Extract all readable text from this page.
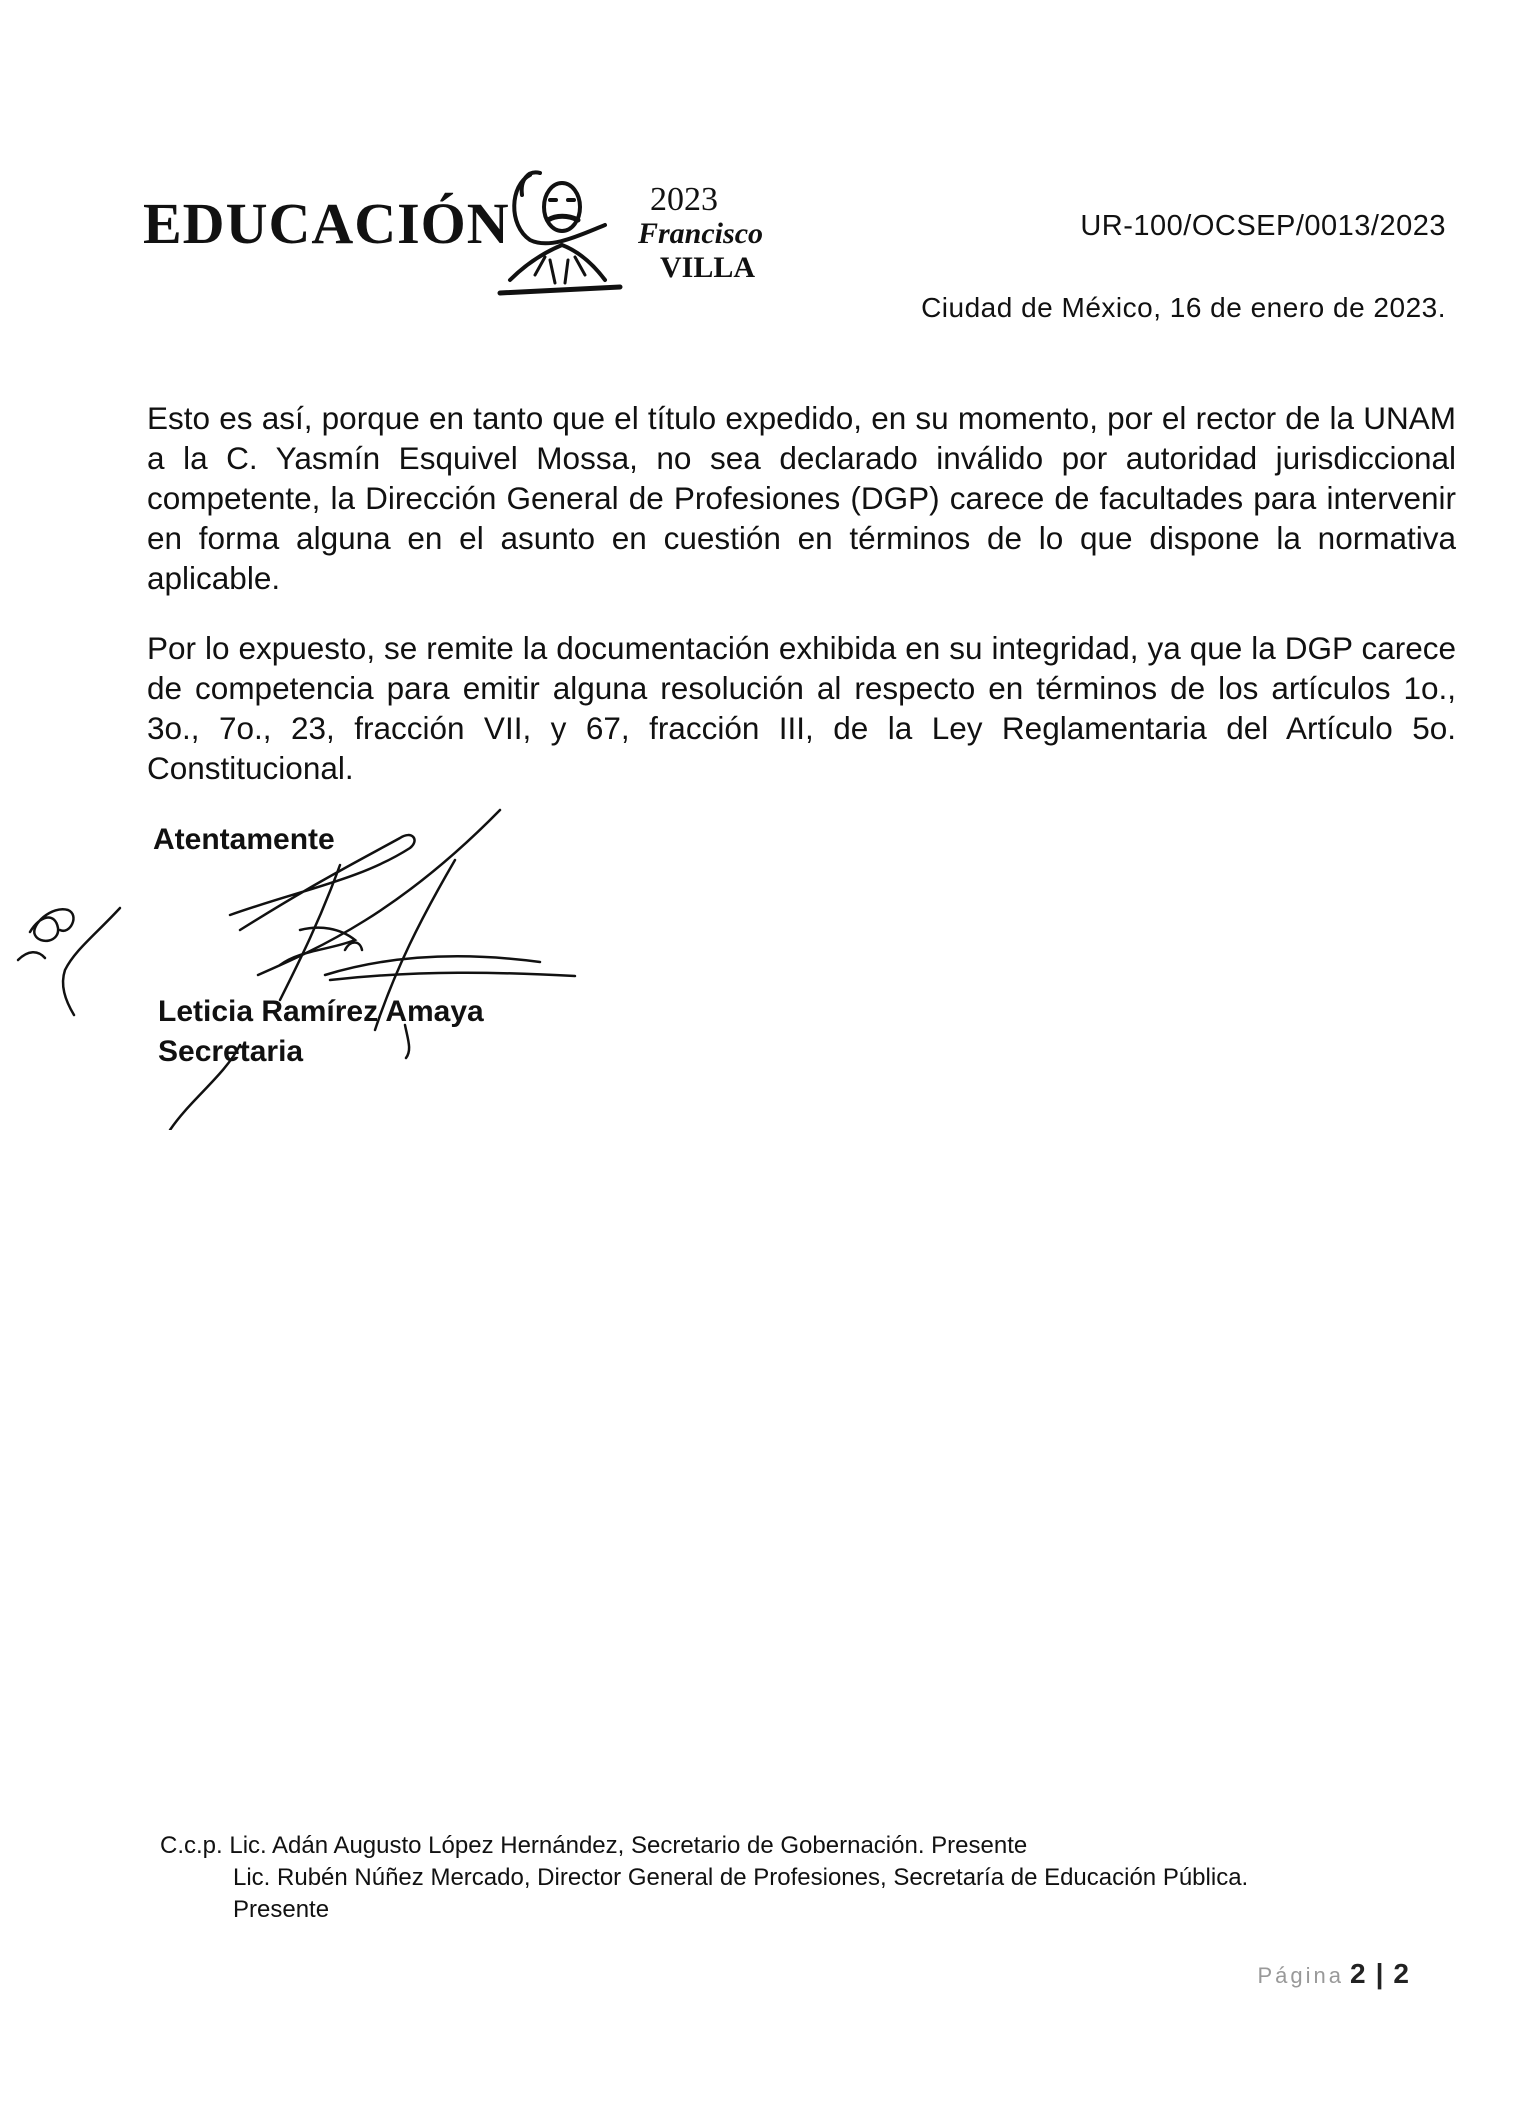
EDUCACIÓN	2023
Francisco
VILLA
UR-100/OCSEP/0013/2023
Ciudad de México, 16 de enero de 2023.
Esto es así, porque en tanto que el título expedido, en su momento, por el rector de la UNAM a la C. Yasmín Esquivel Mossa, no sea declarado inválido por autoridad jurisdiccional competente, la Dirección General de Profesiones (DGP) carece de facultades para intervenir en forma alguna en el asunto en cuestión en términos de lo que dispone la normativa aplicable.
Por lo expuesto, se remite la documentación exhibida en su integridad, ya que la DGP carece de competencia para emitir alguna resolución al respecto en términos de los artículos 1o., 3o., 7o., 23, fracción VII, y 67, fracción III, de la Ley Reglamentaria del Artículo 5o. Constitucional.
Atentamente
Leticia Ramírez Amaya
Secretaria
C.c.p. Lic. Adán Augusto López Hernández, Secretario de Gobernación. Presente
Lic. Rubén Núñez Mercado, Director General de Profesiones, Secretaría de Educación Pública.
Presente
Página 2 | 2
